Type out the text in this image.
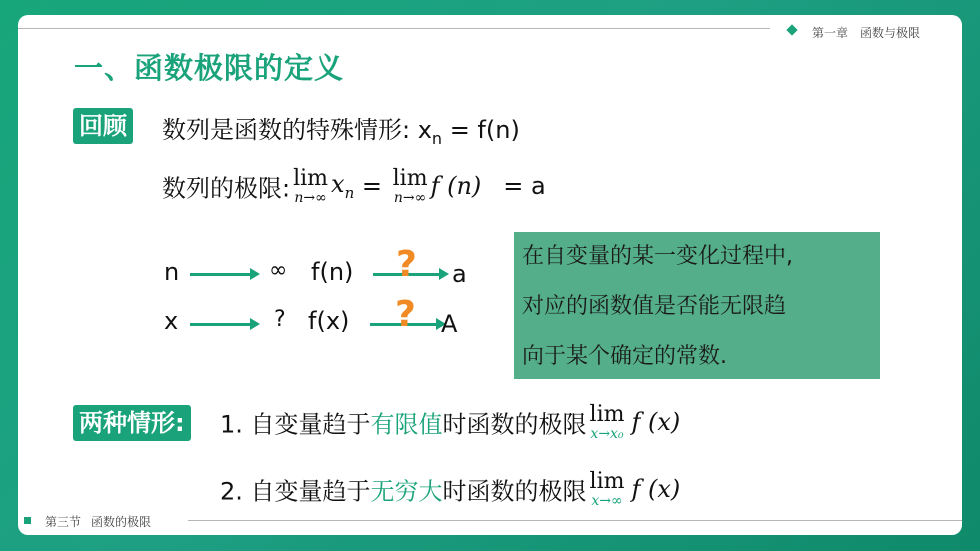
第一章 函数与极限
一、函数极限的定义
回顾 数列是函数的特殊情形: $x_n = f(n)$
数列的极限: lim
n→∞ $x_n = \lim$
n→∞ f (n) = a
n	∞ f(n) ? a
x	? f(x) ? A
在自变量的某一变化过程中,
对应的函数值是否能无限趋
向于某个确定的常数.
两种情形: 1. 自变量趋于有限值时函数的极限 lim
x→x₀ f (x)
2. 自变量趋于无穷大时函数的极限 lim
x→∞ f (x)
第三节 函数的极限
